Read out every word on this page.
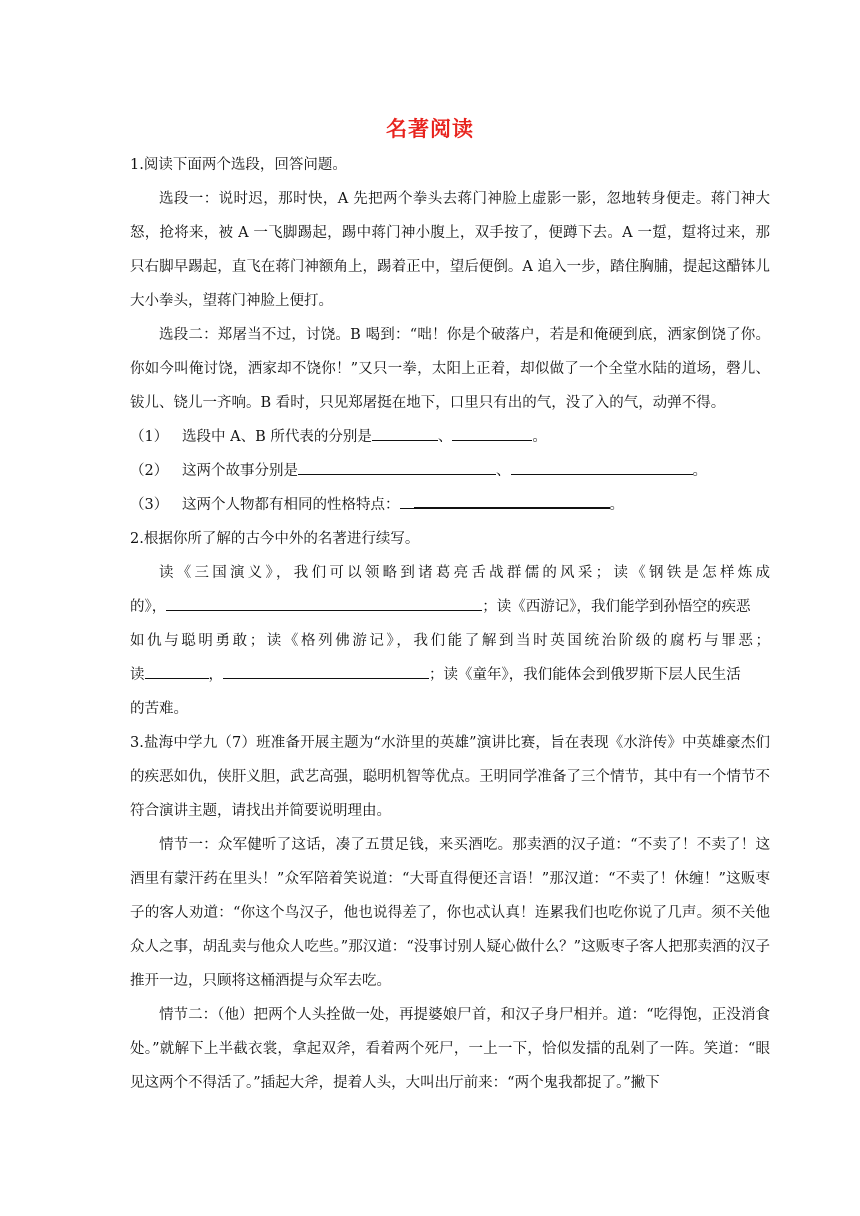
名著阅读

1.阅读下面两个选段，回答问题。

选段一：说时迟，那时快，A 先把两个拳头去蒋门神脸上虚影一影，忽地转身便走。蒋门神大怒，抢将来，被 A 一飞脚踢起，踢中蒋门神小腹上，双手按了，便蹲下去。A 一踅，踅将过来，那只右脚早踢起，直飞在蒋门神额角上，踢着正中，望后便倒。A 追入一步，踏住胸脯，提起这醋钵儿大小拳头，望蒋门神脸上便打。

选段二：郑屠当不过，讨饶。B 喝到：“咄！你是个破落户，若是和俺硬到底，洒家倒饶了你。你如今叫俺讨饶，洒家却不饶你！”又只一拳，太阳上正着，却似做了一个全堂水陆的道场，磬儿、钹儿、铙儿一齐响。B 看时，只见郑屠挺在地下，口里只有出的气，没了入的气，动弹不得。

（1） 选段中 A、B 所代表的分别是	、	。
（2） 这两个故事分别是	、	。
（3） 这两个人物都有相同的性格特点：	。

2.根据你所了解的古今中外的名著进行续写。

读《三国演义》，我们可以领略到诸葛亮舌战群儒的风采；读《钢铁是怎样炼成

的》，	；读《西游记》，我们能学到孙悟空的疾恶

如仇与聪明勇敢；读《格列佛游记》，我们能了解到当时英国统治阶级的腐朽与罪恶；

读	，	；读《童年》，我们能体会到俄罗斯下层人民生活

的苦难。

3.盐海中学九（7）班准备开展主题为“水浒里的英雄”演讲比赛，旨在表现《水浒传》中英雄豪杰们的疾恶如仇，侠肝义胆，武艺高强，聪明机智等优点。王明同学准备了三个情节，其中有一个情节不符合演讲主题，请找出并简要说明理由。

情节一：众军健听了这话，凑了五贯足钱，来买酒吃。那卖酒的汉子道：“不卖了！不卖了！这酒里有蒙汗药在里头！”众军陪着笑说道：“大哥直得便还言语！”那汉道：“不卖了！休缠！”这贩枣子的客人劝道：“你这个鸟汉子，他也说得差了，你也忒认真！连累我们也吃你说了几声。须不关他众人之事，胡乱卖与他众人吃些。”那汉道：“没事讨别人疑心做什么？”这贩枣子客人把那卖酒的汉子推开一边，只顾将这桶酒提与众军去吃。

情节二：（他）把两个人头拴做一处，再提婆娘尸首，和汉子身尸相并。道：“吃得饱，正没消食处。”就解下上半截衣裳，拿起双斧，看着两个死尸，一上一下，恰似发擂的乱剁了一阵。笑道：“眼见这两个不得活了。”插起大斧，提着人头，大叫出厅前来：“两个鬼我都捉了。”撇下
